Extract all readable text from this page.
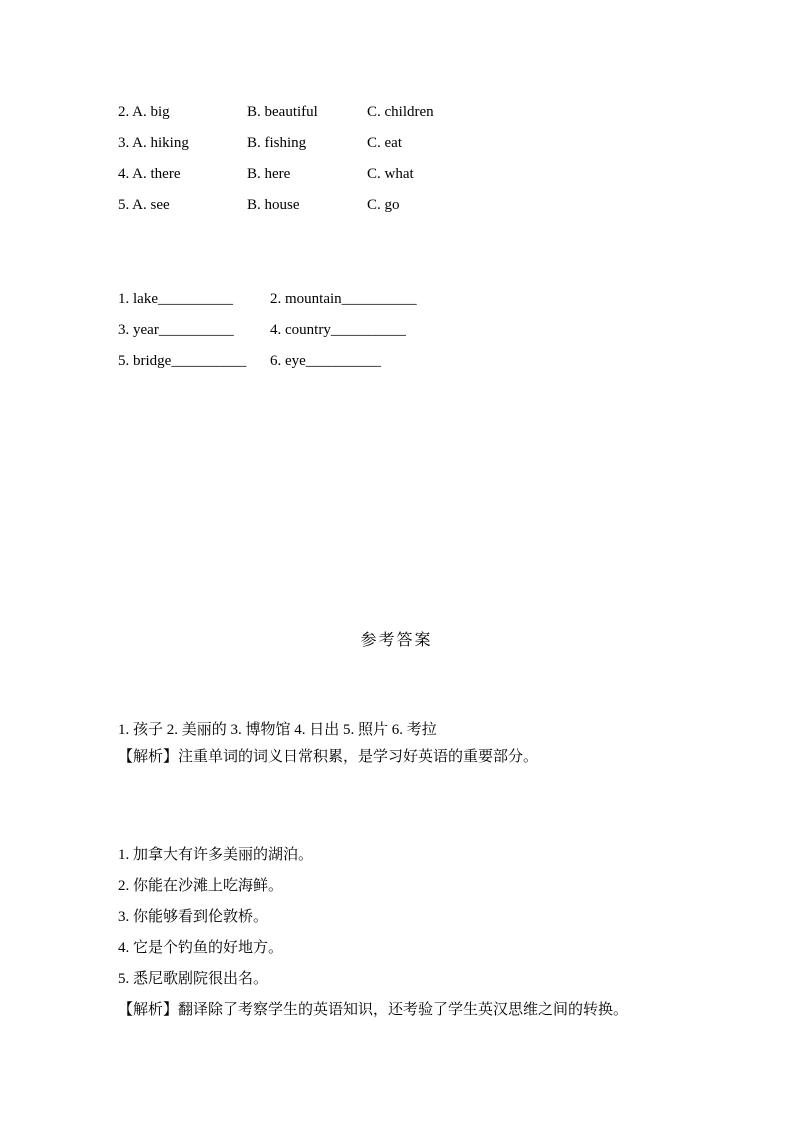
2. A. big	B. beautiful	C. children
3. A. hiking	B. fishing	C. eat
4. A. there	B. here	C. what
5. A. see	B. house	C. go
1. lake__________	2. mountain__________
3. year__________	4. country__________
5. bridge__________	6. eye__________
参考答案
1. 孩子 2. 美丽的 3. 博物馆 4. 日出 5. 照片 6. 考拉
【解析】注重单词的词义日常积累，是学习好英语的重要部分。
1. 加拿大有许多美丽的湖泊。
2. 你能在沙滩上吃海鲜。
3. 你能够看到伦敦桥。
4. 它是个钓鱼的好地方。
5. 悉尼歌剧院很出名。
【解析】翻译除了考察学生的英语知识，还考验了学生英汉思维之间的转换。
